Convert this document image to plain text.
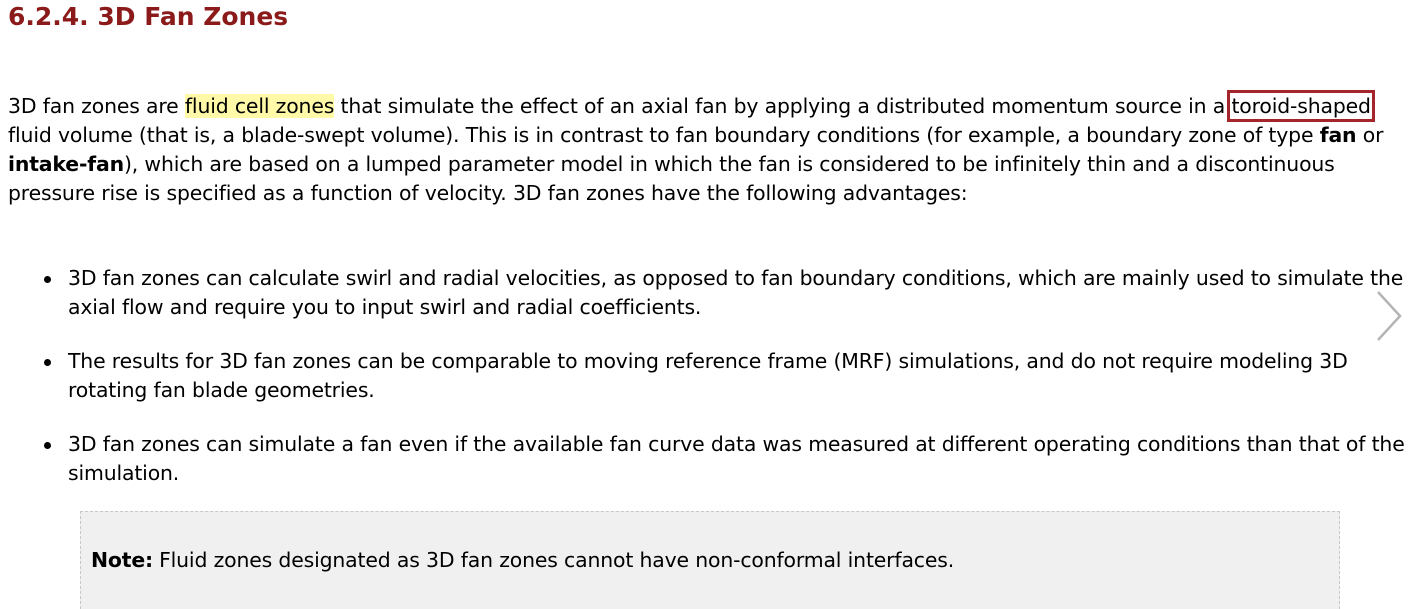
6.2.4. 3D Fan Zones

3D fan zones are fluid cell zones that simulate the effect of an axial fan by applying a distributed momentum source in a toroid-shaped fluid volume (that is, a blade-swept volume). This is in contrast to fan boundary conditions (for example, a boundary zone of type fan or intake-fan), which are based on a lumped parameter model in which the fan is considered to be infinitely thin and a discontinuous pressure rise is specified as a function of velocity. 3D fan zones have the following advantages:

3D fan zones can calculate swirl and radial velocities, as opposed to fan boundary conditions, which are mainly used to simulate the axial flow and require you to input swirl and radial coefficients.
The results for 3D fan zones can be comparable to moving reference frame (MRF) simulations, and do not require modeling 3D rotating fan blade geometries.
3D fan zones can simulate a fan even if the available fan curve data was measured at different operating conditions than that of the simulation.
Note: Fluid zones designated as 3D fan zones cannot have non-conformal interfaces.
